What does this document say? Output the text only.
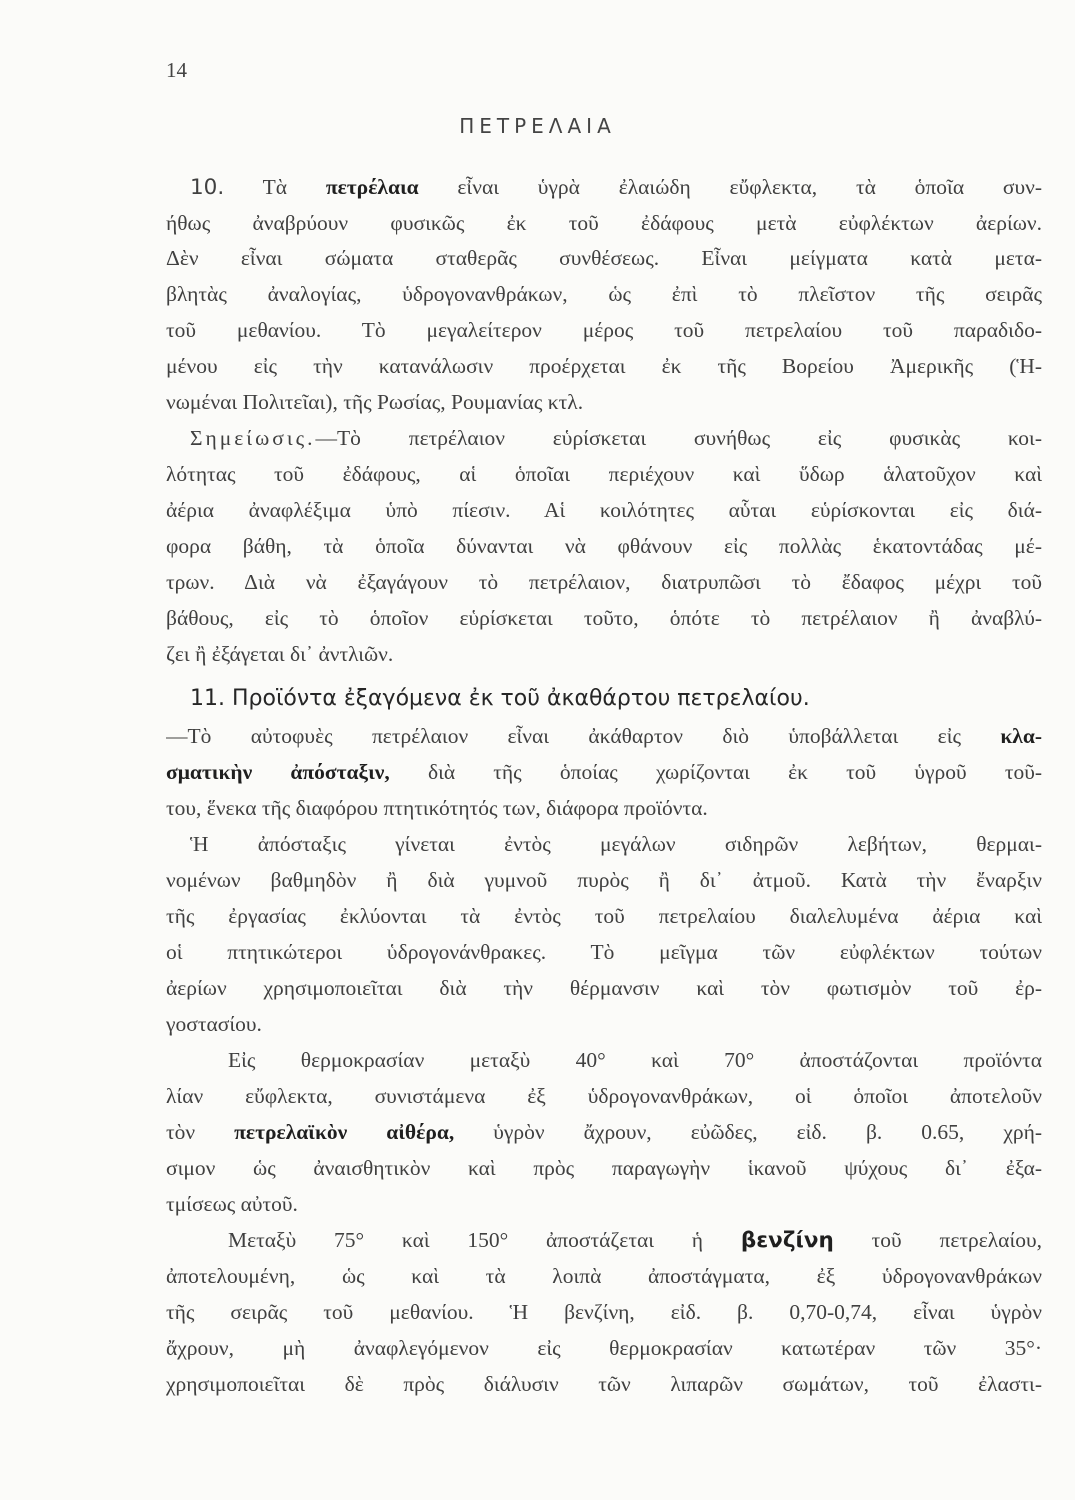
14
ΠΕΤΡΕΛΑΙΑ
10. Τὰ πετρέλαια εἶναι ὑγρὰ ἐλαιώδη εὔφλεκτα, τὰ ὁποῖα συν-
ήθως ἀναβρύουν φυσικῶς ἐκ τοῦ ἐδάφους μετὰ εὐφλέκτων ἀερίων.
Δὲν εἶναι σώματα σταθερᾶς συνθέσεως. Εἶναι μείγματα κατὰ μετα-
βλητὰς ἀναλογίας, ὑδρογονανθράκων, ὡς ἐπὶ τὸ πλεῖστον τῆς σειρᾶς
τοῦ μεθανίου. Τὸ μεγαλείτερον μέρος τοῦ πετρελαίου τοῦ παραδιδο-
μένου εἰς τὴν κατανάλωσιν προέρχεται ἐκ τῆς Βορείου Ἀμερικῆς (Ἡ-
νωμέναι Πολιτεῖαι), τῆς Ρωσίας, Ρουμανίας κτλ.
Σημείωσις.—Τὸ πετρέλαιον εὑρίσκεται συνήθως εἰς φυσικὰς κοι-
λότητας τοῦ ἐδάφους, αἱ ὁποῖαι περιέχουν καὶ ὕδωρ ἁλατοῦχον καὶ
ἀέρια ἀναφλέξιμα ὑπὸ πίεσιν. Αἱ κοιλότητες αὗται εὑρίσκονται εἰς διά-
φορα βάθη, τὰ ὁποῖα δύνανται νὰ φθάνουν εἰς πολλὰς ἑκατοντάδας μέ-
τρων. Διὰ νὰ ἐξαγάγουν τὸ πετρέλαιον, διατρυπῶσι τὸ ἔδαφος μέχρι τοῦ
βάθους, εἰς τὸ ὁποῖον εὑρίσκεται τοῦτο, ὁπότε τὸ πετρέλαιον ἢ ἀναβλύ-
ζει ἢ ἐξάγεται δι᾽ ἀντλιῶν.
11. Προϊόντα ἐξαγόμενα ἐκ τοῦ ἀκαθάρτου πετρελαίου.
—Τὸ αὐτοφυὲς πετρέλαιον εἶναι ἀκάθαρτον διὸ ὑποβάλλεται εἰς κλα-
σματικὴν ἀπόσταξιν, διὰ τῆς ὁποίας χωρίζονται ἐκ τοῦ ὑγροῦ τοῦ-
του, ἕνεκα τῆς διαφόρου πτητικότητός των, διάφορα προϊόντα.
Ἡ ἀπόσταξις γίνεται ἐντὸς μεγάλων σιδηρῶν λεβήτων, θερμαι-
νομένων βαθμηδὸν ἢ διὰ γυμνοῦ πυρὸς ἢ δι᾽ ἀτμοῦ. Κατὰ τὴν ἔναρξιν
τῆς ἐργασίας ἐκλύονται τὰ ἐντὸς τοῦ πετρελαίου διαλελυμένα ἀέρια καὶ
οἱ πτητικώτεροι ὑδρογονάνθρακες. Τὸ μεῖγμα τῶν εὐφλέκτων τούτων
ἀερίων χρησιμοποιεῖται διὰ τὴν θέρμανσιν καὶ τὸν φωτισμὸν τοῦ ἐρ-
γοστασίου.
Εἰς θερμοκρασίαν μεταξὺ 40° καὶ 70° ἀποστάζονται προϊόντα
λίαν εὔφλεκτα, συνιστάμενα ἐξ ὑδρογονανθράκων, οἱ ὁποῖοι ἀποτελοῦν
τὸν πετρελαϊκὸν αἰθέρα, ὑγρὸν ἄχρουν, εὐῶδες, εἰδ. β. 0.65, χρή-
σιμον ὡς ἀναισθητικὸν καὶ πρὸς παραγωγὴν ἱκανοῦ ψύχους δι᾽ ἐξα-
τμίσεως αὐτοῦ.
Μεταξὺ 75° καὶ 150° ἀποστάζεται ἡ βενζίνη τοῦ πετρελαίου,
ἀποτελουμένη, ὡς καὶ τὰ λοιπὰ ἀποστάγματα, ἐξ ὑδρογονανθράκων
τῆς σειρᾶς τοῦ μεθανίου. Ἡ βενζίνη, εἰδ. β. 0,70-0,74, εἶναι ὑγρὸν
ἄχρουν, μὴ ἀναφλεγόμενον εἰς θερμοκρασίαν κατωτέραν τῶν 35°·
χρησιμοποιεῖται δὲ πρὸς διάλυσιν τῶν λιπαρῶν σωμάτων, τοῦ ἐλαστι-
